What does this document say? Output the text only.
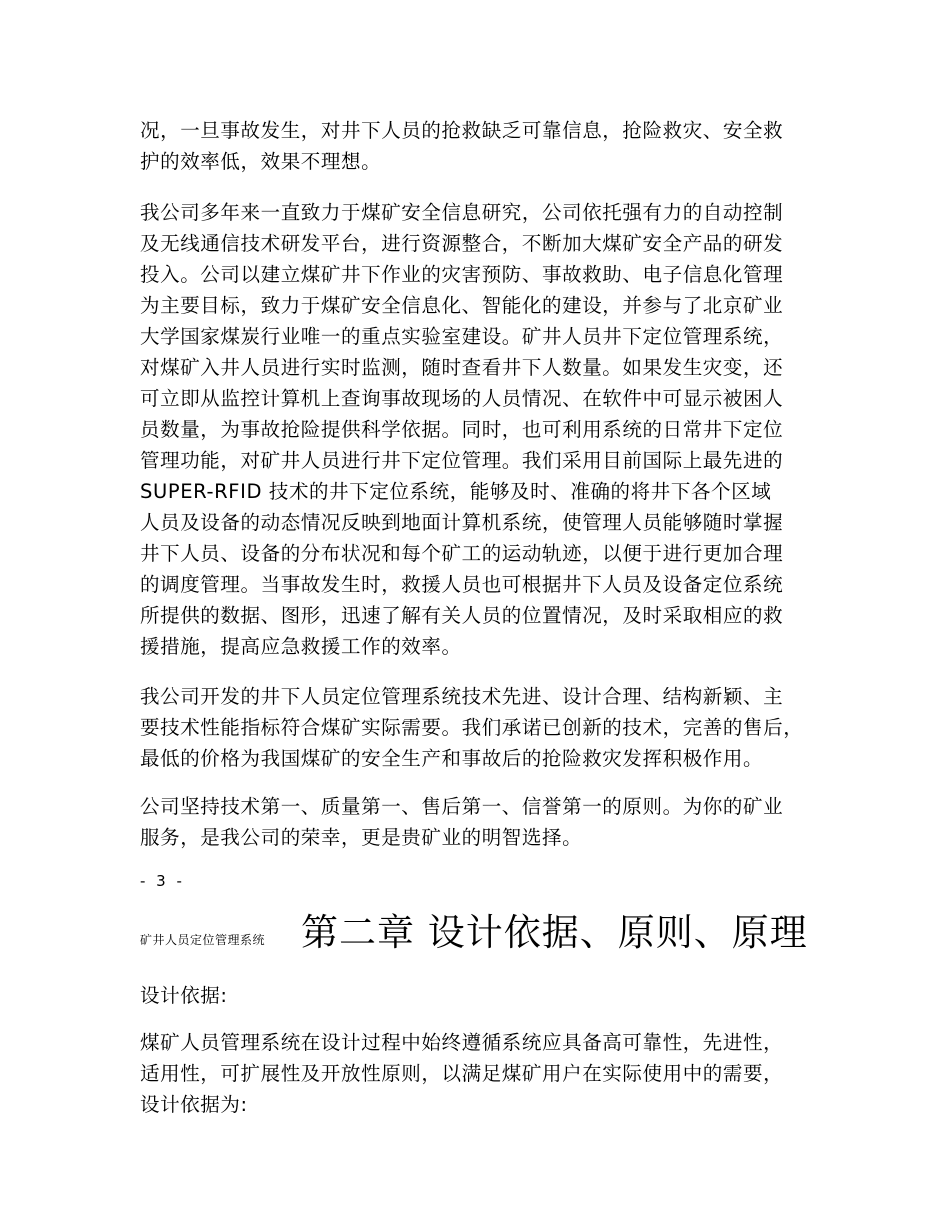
况，一旦事故发生，对井下人员的抢救缺乏可靠信息，抢险救灾、安全救
护的效率低，效果不理想。

我公司多年来一直致力于煤矿安全信息研究，公司依托强有力的自动控制
及无线通信技术研发平台，进行资源整合，不断加大煤矿安全产品的研发
投入。公司以建立煤矿井下作业的灾害预防、事故救助、电子信息化管理
为主要目标，致力于煤矿安全信息化、智能化的建设，并参与了北京矿业
大学国家煤炭行业唯一的重点实验室建设。矿井人员井下定位管理系统，
对煤矿入井人员进行实时监测，随时查看井下人数量。如果发生灾变，还
可立即从监控计算机上查询事故现场的人员情况、在软件中可显示被困人
员数量，为事故抢险提供科学依据。同时，也可利用系统的日常井下定位
管理功能，对矿井人员进行井下定位管理。我们采用目前国际上最先进的
SUPER-RFID 技术的井下定位系统，能够及时、准确的将井下各个区域
人员及设备的动态情况反映到地面计算机系统，使管理人员能够随时掌握
井下人员、设备的分布状况和每个矿工的运动轨迹，以便于进行更加合理
的调度管理。当事故发生时，救援人员也可根据井下人员及设备定位系统
所提供的数据、图形，迅速了解有关人员的位置情况，及时采取相应的救
援措施，提高应急救援工作的效率。

我公司开发的井下人员定位管理系统技术先进、设计合理、结构新颖、主
要技术性能指标符合煤矿实际需要。我们承诺已创新的技术，完善的售后，
最低的价格为我国煤矿的安全生产和事故后的抢险救灾发挥积极作用。

公司坚持技术第一、质量第一、售后第一、信誉第一的原则。为你的矿业
服务，是我公司的荣幸，更是贵矿业的明智选择。

- 3 -

矿井人员定位管理系统 第二章 设计依据、原则、原理

设计依据:

煤矿人员管理系统在设计过程中始终遵循系统应具备高可靠性，先进性，
适用性，可扩展性及开放性原则，以满足煤矿用户在实际使用中的需要，
设计依据为:
